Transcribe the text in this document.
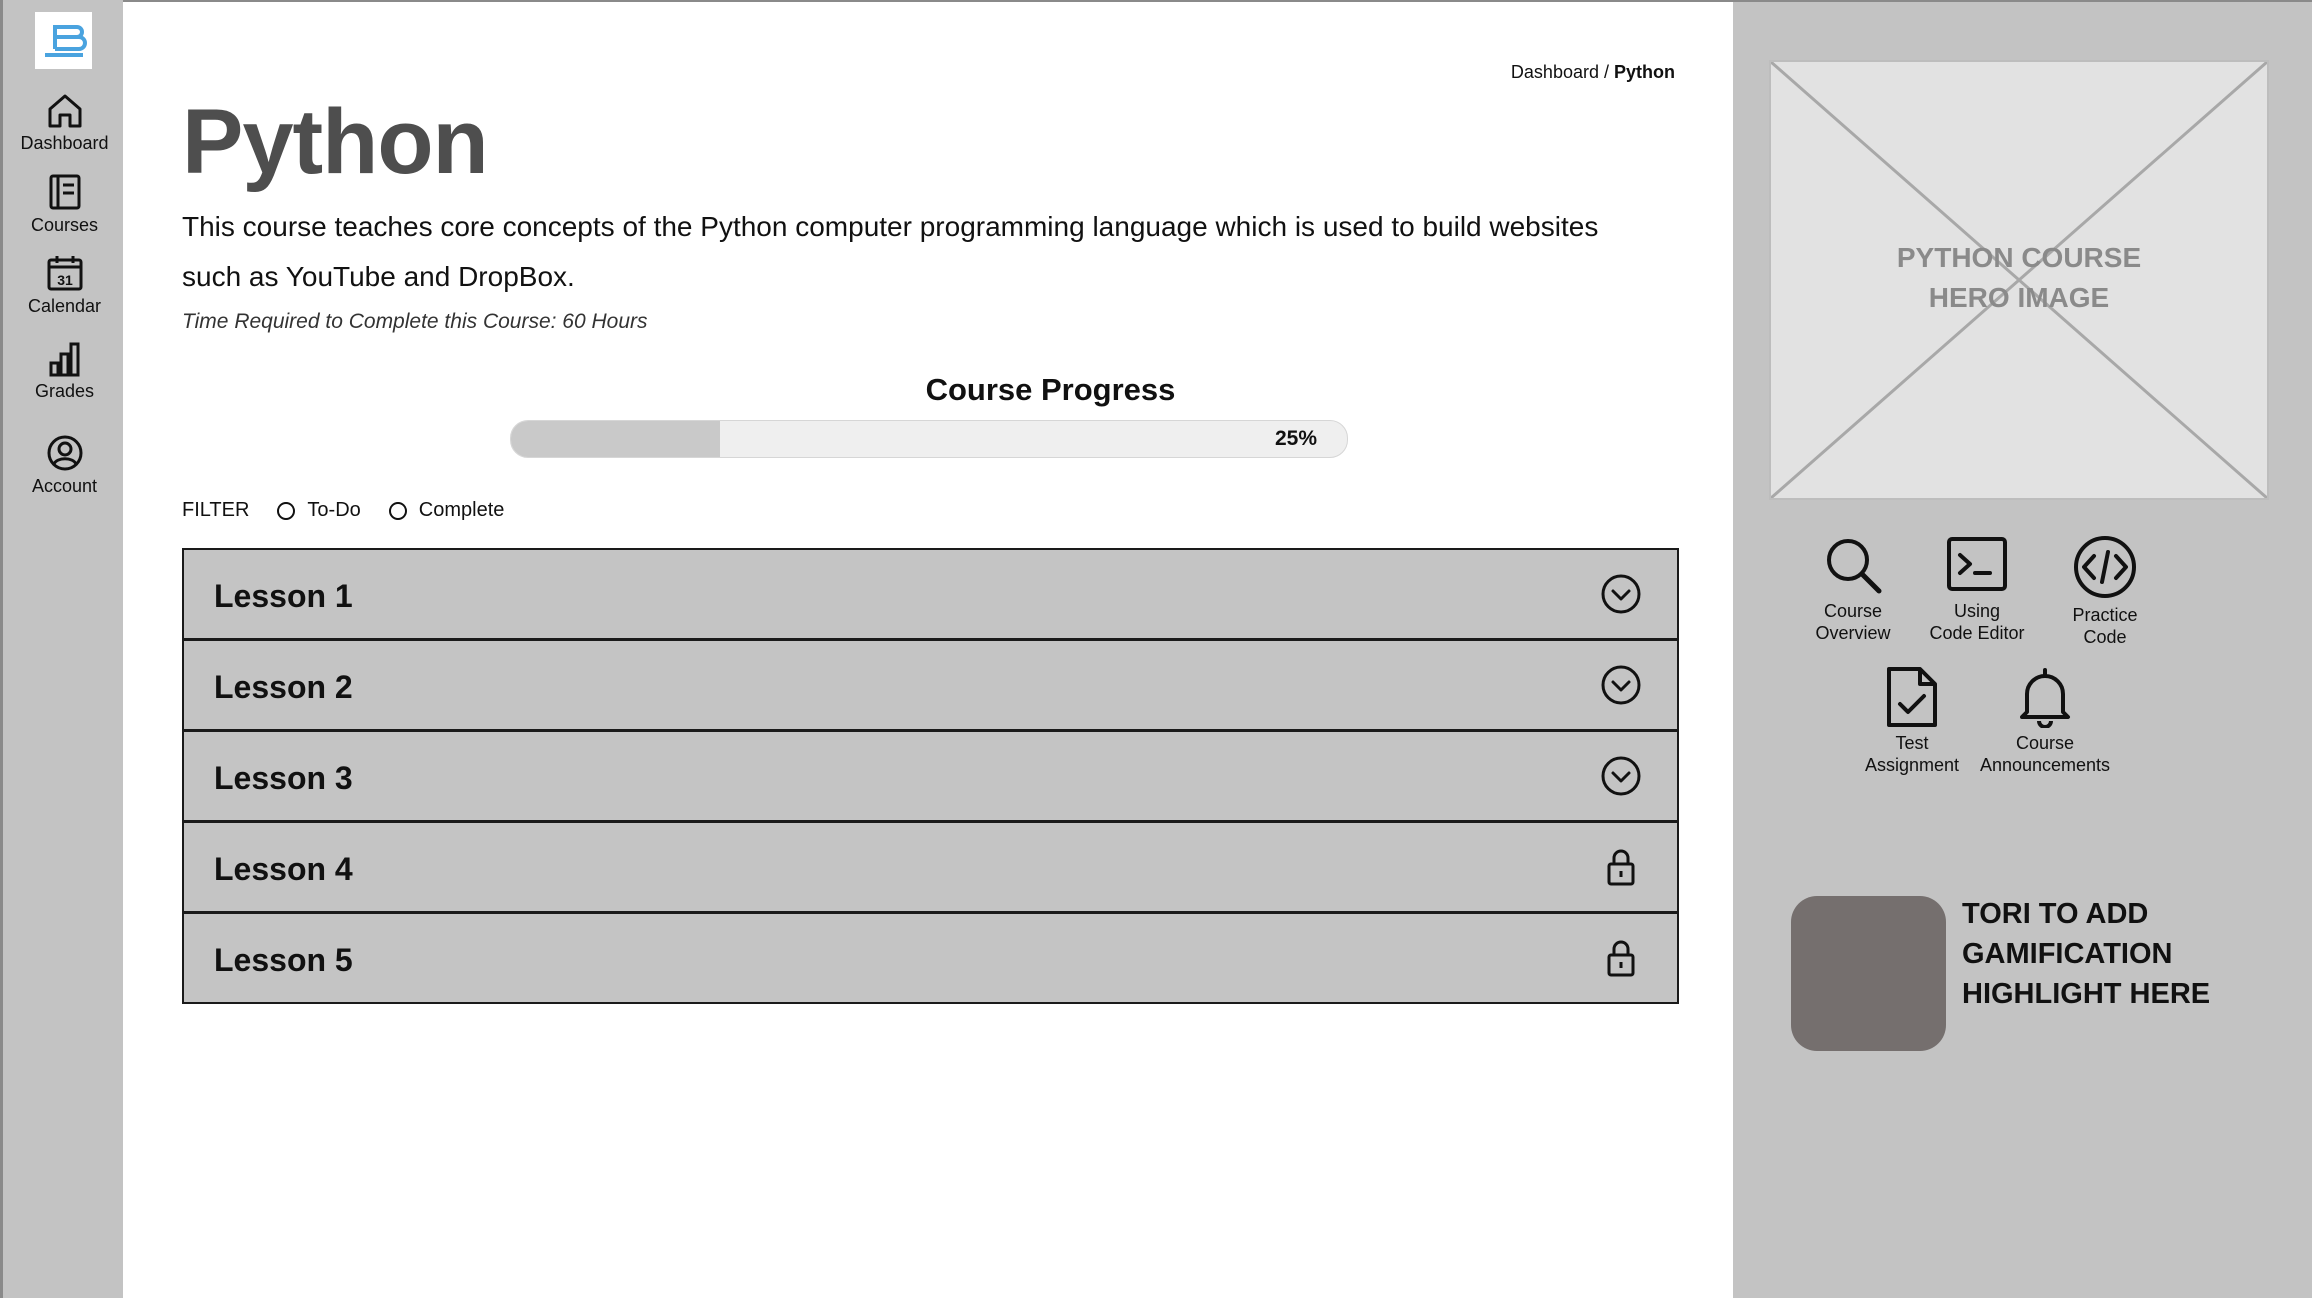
Dashboard
Courses
31
Calendar
Grades
Account
Dashboard / Python
Python

This course teaches core concepts of the Python computer programming language which is used to build websites such as YouTube and DropBox.

Time Required to Complete this Course: 60 Hours
Course Progress
25%
FILTER	To-Do	Complete
Lesson 1
Lesson 2
Lesson 3
Lesson 4
Lesson 5
PYTHON COURSE
HERO IMAGE
Course
Overview
Using
Code Editor
Practice
Code
Test
Assignment
Course
Announcements
TORI TO ADD GAMIFICATION HIGHLIGHT HERE
